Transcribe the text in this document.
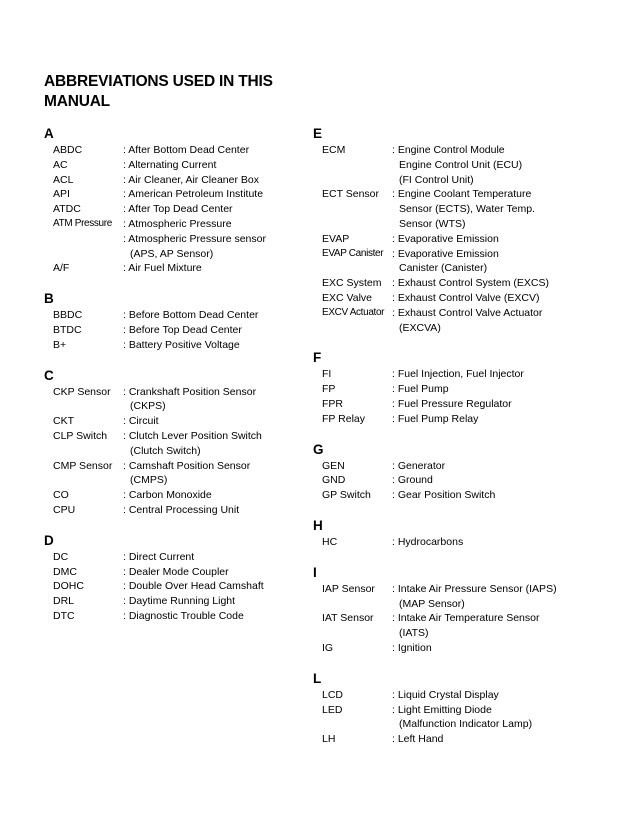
ABBREVIATIONS USED IN THIS
MANUAL
A
ABDC	: After Bottom Dead Center
AC	: Alternating Current
ACL	: Air Cleaner, Air Cleaner Box
API	: American Petroleum Institute
ATDC	: After Top Dead Center
ATM Pressure : Atmospheric Pressure
: Atmospheric Pressure sensor
(APS, AP Sensor)
A/F	: Air Fuel Mixture
B
BBDC	: Before Bottom Dead Center
BTDC	: Before Top Dead Center
B+	: Battery Positive Voltage
C
CKP Sensor : Crankshaft Position Sensor
(CKPS)
CKT	: Circuit
CLP Switch : Clutch Lever Position Switch
(Clutch Switch)
CMP Sensor : Camshaft Position Sensor
(CMPS)
CO	: Carbon Monoxide
CPU	: Central Processing Unit
D
DC	: Direct Current
DMC	: Dealer Mode Coupler
DOHC	: Double Over Head Camshaft
DRL	: Daytime Running Light
DTC	: Diagnostic Trouble Code
E
ECM	: Engine Control Module
Engine Control Unit (ECU)
(FI Control Unit)
ECT Sensor : Engine Coolant Temperature
Sensor (ECTS), Water Temp.
Sensor (WTS)
EVAP	: Evaporative Emission
EVAP Canister : Evaporative Emission
Canister (Canister)
EXC System : Exhaust Control System (EXCS)
EXC Valve : Exhaust Control Valve (EXCV)
EXCV Actuator : Exhaust Control Valve Actuator
(EXCVA)
F
FI	: Fuel Injection, Fuel Injector
FP	: Fuel Pump
FPR	: Fuel Pressure Regulator
FP Relay	: Fuel Pump Relay
G
GEN	: Generator
GND	: Ground
GP Switch : Gear Position Switch
H
HC	: Hydrocarbons
I
IAP Sensor : Intake Air Pressure Sensor (IAPS)
(MAP Sensor)
IAT Sensor : Intake Air Temperature Sensor
(IATS)
IG	: Ignition
L
LCD	: Liquid Crystal Display
LED	: Light Emitting Diode
(Malfunction Indicator Lamp)
LH	: Left Hand
